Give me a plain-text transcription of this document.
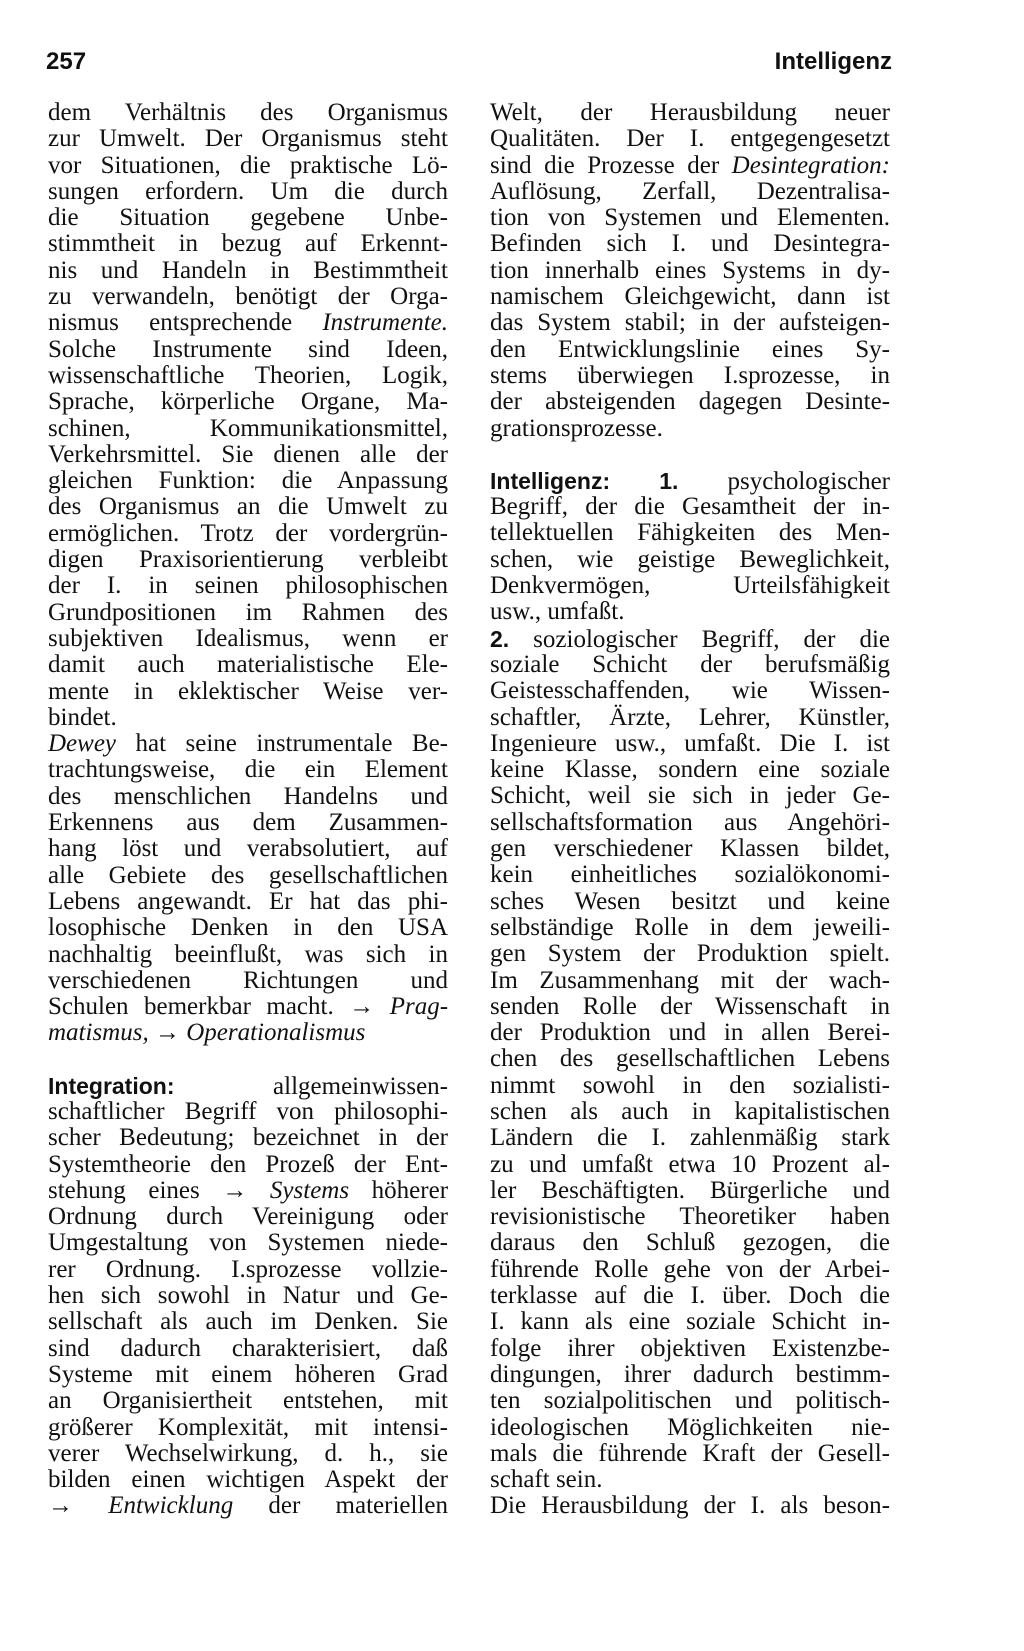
257	Intelligenz
dem Verhältnis des Organismus
zur Umwelt. Der Organismus steht
vor Situationen, die praktische Lö-
sungen erfordern. Um die durch
die Situation gegebene Unbe-
stimmtheit in bezug auf Erkennt-
nis und Handeln in Bestimmtheit
zu verwandeln, benötigt der Orga-
nismus entsprechende Instrumente.
Solche Instrumente sind Ideen,
wissenschaftliche Theorien, Logik,
Sprache, körperliche Organe, Ma-
schinen, Kommunikationsmittel,
Verkehrsmittel. Sie dienen alle der
gleichen Funktion: die Anpassung
des Organismus an die Umwelt zu
ermöglichen. Trotz der vordergrün-
digen Praxisorientierung verbleibt
der I. in seinen philosophischen
Grundpositionen im Rahmen des
subjektiven Idealismus, wenn er
damit auch materialistische Ele-
mente in eklektischer Weise ver-
bindet.
Dewey hat seine instrumentale Be-
trachtungsweise, die ein Element
des menschlichen Handelns und
Erkennens aus dem Zusammen-
hang löst und verabsolutiert, auf
alle Gebiete des gesellschaftlichen
Lebens angewandt. Er hat das phi-
losophische Denken in den USA
nachhaltig beeinflußt, was sich in
verschiedenen Richtungen und
Schulen bemerkbar macht. → Prag-
matismus, → Operationalismus
Integration:	allgemeinwissen-
schaftlicher Begriff von philosophi-
scher Bedeutung; bezeichnet in der
Systemtheorie den Prozeß der Ent-
stehung eines → Systems höherer
Ordnung durch Vereinigung oder
Umgestaltung von Systemen niede-
rer Ordnung. I.sprozesse vollzie-
hen sich sowohl in Natur und Ge-
sellschaft als auch im Denken. Sie
sind dadurch charakterisiert, daß
Systeme mit einem höheren Grad
an Organisiertheit entstehen, mit
größerer Komplexität, mit intensi-
verer Wechselwirkung, d. h., sie
bilden einen wichtigen Aspekt der
→ Entwicklung der materiellen
Welt, der Herausbildung neuer
Qualitäten. Der I. entgegengesetzt
sind die Prozesse der Desintegration:
Auflösung, Zerfall, Dezentralisa-
tion von Systemen und Elementen.
Befinden sich I. und Desintegra-
tion innerhalb eines Systems in dy-
namischem Gleichgewicht, dann ist
das System stabil; in der aufsteigen-
den Entwicklungslinie eines Sy-
stems überwiegen I.sprozesse, in
der absteigenden dagegen Desinte-
grationsprozesse.
Intelligenz: 1. psychologischer
Begriff, der die Gesamtheit der in-
tellektuellen Fähigkeiten des Men-
schen, wie geistige Beweglichkeit,
Denkvermögen, Urteilsfähigkeit
usw., umfaßt.
2. soziologischer Begriff, der die
soziale Schicht der berufsmäßig
Geistesschaffenden, wie Wissen-
schaftler, Ärzte, Lehrer, Künstler,
Ingenieure usw., umfaßt. Die I. ist
keine Klasse, sondern eine soziale
Schicht, weil sie sich in jeder Ge-
sellschaftsformation aus Angehöri-
gen verschiedener Klassen bildet,
kein einheitliches sozialökonomi-
sches Wesen besitzt und keine
selbständige Rolle in dem jeweili-
gen System der Produktion spielt.
Im Zusammenhang mit der wach-
senden Rolle der Wissenschaft in
der Produktion und in allen Berei-
chen des gesellschaftlichen Lebens
nimmt sowohl in den sozialisti-
schen als auch in kapitalistischen
Ländern die I. zahlenmäßig stark
zu und umfaßt etwa 10 Prozent al-
ler Beschäftigten. Bürgerliche und
revisionistische Theoretiker haben
daraus den Schluß gezogen, die
führende Rolle gehe von der Arbei-
terklasse auf die I. über. Doch die
I. kann als eine soziale Schicht in-
folge ihrer objektiven Existenzbe-
dingungen, ihrer dadurch bestimm-
ten sozialpolitischen und politisch-
ideologischen Möglichkeiten nie-
mals die führende Kraft der Gesell-
schaft sein.
Die Herausbildung der I. als beson-
